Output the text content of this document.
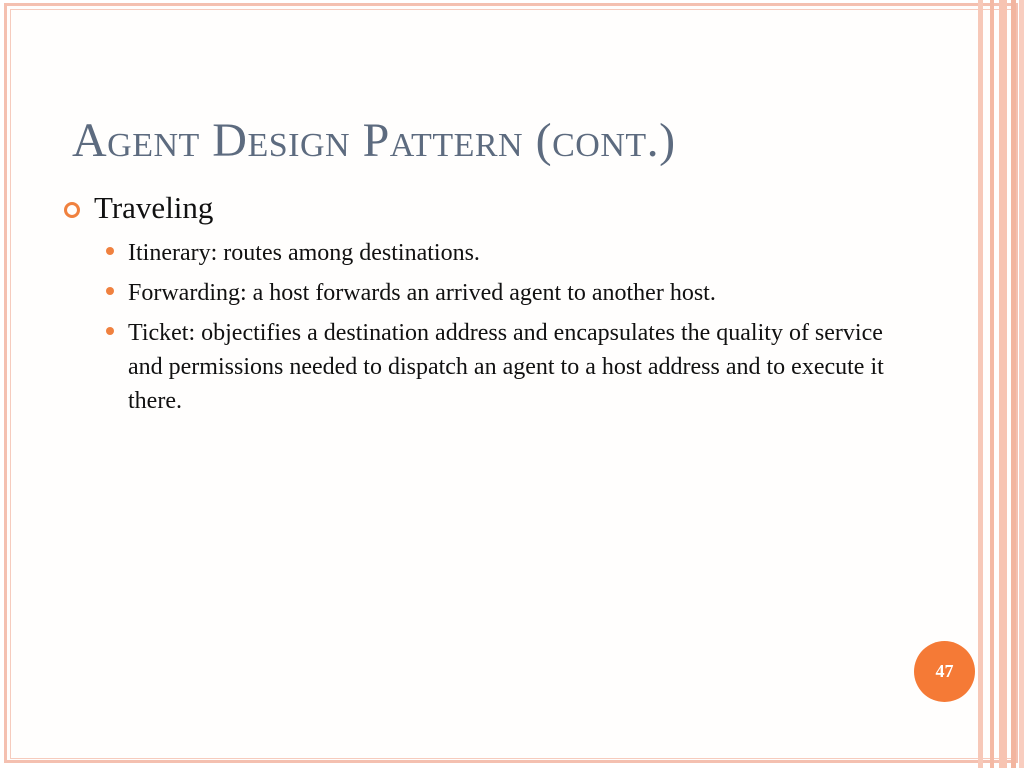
Agent Design Pattern (cont.)
Traveling
Itinerary: routes among destinations.
Forwarding: a host forwards an arrived agent to another host.
Ticket: objectifies a destination address and encapsulates the quality of service and permissions needed to dispatch an agent to a host address and to execute it there.
47
